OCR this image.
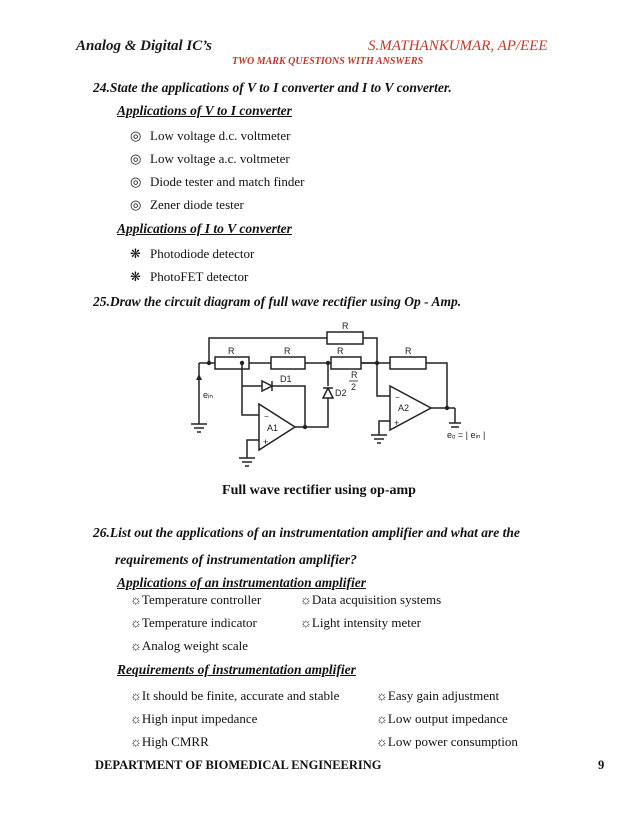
Analog & Digital IC’s	S.MATHANKUMAR, AP/EEE
TWO MARK QUESTIONS WITH ANSWERS
24.State the applications of V to I converter and I to V converter.
Applications of V to I converter
◎ Low voltage d.c. voltmeter
◎ Low voltage a.c. voltmeter
◎ Diode tester and match finder
◎ Zener diode tester
Applications of I to V converter
❋ Photodiode detector
❋ PhotoFET detector
25.Draw the circuit diagram of full wave rectifier using Op - Amp.
R
R	R	R	R
R
2
D1
D2
A1
A2
eᵢₙ
eₒ = | eᵢₙ |
−
+
−
+
Full wave rectifier using op-amp
26.List out the applications of an instrumentation amplifier and what are the
requirements of instrumentation amplifier?
Applications of an instrumentation amplifier
☼Temperature controller	☼Data acquisition systems
☼Temperature indicator	☼Light intensity meter
☼Analog weight scale
Requirements of instrumentation amplifier
☼It should be finite, accurate and stable	☼Easy gain adjustment
☼High input impedance	☼Low output impedance
☼High CMRR	☼Low power consumption
DEPARTMENT OF BIOMEDICAL ENGINEERING	9
